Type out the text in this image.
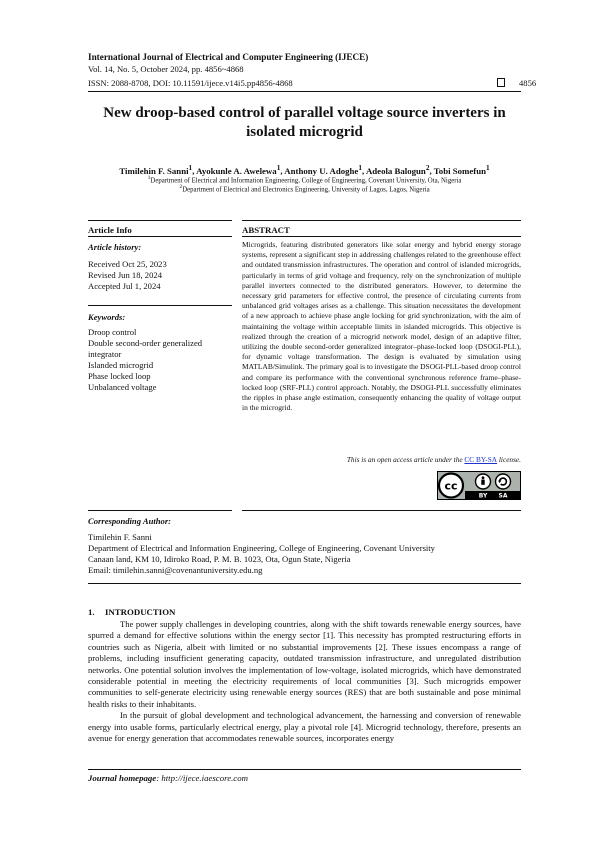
International Journal of Electrical and Computer Engineering (IJECE)
Vol. 14, No. 5, October 2024, pp. 4856~4868
ISSN: 2088-8708, DOI: 10.11591/ijece.v14i5.pp4856-4868	4856
New droop-based control of parallel voltage source inverters in isolated microgrid
Timilehin F. Sanni$^1$, Ayokunle A. Awelewa$^1$, Anthony U. Adoghe$^1$, Adeola Balogun$^2$, Tobi Somefun$^1$
$^1$Department of Electrical and Information Engineering, College of Engineering, Covenant University, Ota, Nigeria
$^2$Department of Electrical and Electronics Engineering, University of Lagos, Lagos, Nigeria
Article Info	ABSTRACT
Article history:
Received Oct 25, 2023
Revised Jun 18, 2024
Accepted Jul 1, 2024
Keywords:
Droop control
Double second-order generalized integrator
Islanded microgrid
Phase locked loop
Unbalanced voltage
Microgrids, featuring distributed generators like solar energy and hybrid energy storage systems, represent a significant step in addressing challenges related to the greenhouse effect and outdated transmission infrastructures. The operation and control of islanded microgrids, particularly in terms of grid voltage and frequency, rely on the synchronization of multiple parallel inverters connected to the distributed generators. However, to determine the necessary grid parameters for effective control, the presence of circulating currents from unbalanced grid voltages arises as a challenge. This situation necessitates the development of a new approach to achieve phase angle locking for grid synchronization, with the aim of maintaining the voltage within acceptable limits in islanded microgrids. This objective is realized through the creation of a microgrid network model, design of an adaptive filter, utilizing the double second-order generalized integrator–phase-locked loop (DSOGI-PLL), for dynamic voltage transformation. The design is evaluated by simulation using MATLAB/Simulink. The primary goal is to investigate the DSOGI-PLL-based droop control and compare its performance with the conventional synchronous reference frame–phase-locked loop (SRF-PLL) control approach. Notably, the DSOGI-PLL successfully eliminates the ripples in phase angle estimation, consequently enhancing the quality of voltage output in the microgrid.
This is an open access article under the CC BY-SA license.
cc
BY SA
Corresponding Author:
Timilehin F. Sanni
Department of Electrical and Information Engineering, College of Engineering, Covenant University
Canaan land, KM 10, Idiroko Road, P. M. B. 1023, Ota, Ogun State, Nigeria
Email: timilehin.sanni@covenantuniversity.edu.ng
1. INTRODUCTION

The power supply challenges in developing countries, along with the shift towards renewable energy sources, have spurred a demand for effective solutions within the energy sector [1]. This necessity has prompted restructuring efforts in countries such as Nigeria, albeit with limited or no substantial improvements [2]. These issues encompass a range of problems, including insufficient generating capacity, outdated transmission infrastructure, and unregulated distribution networks. One potential solution involves the implementation of low-voltage, isolated microgrids, which have demonstrated considerable potential in meeting the electricity requirements of local communities [3]. Such microgrids empower communities to self-generate electricity using renewable energy sources (RES) that are both sustainable and pose minimal health risks to their inhabitants.

In the pursuit of global development and technological advancement, the harnessing and conversion of renewable energy into usable forms, particularly electrical energy, play a pivotal role [4]. Microgrid technology, therefore, presents an avenue for energy generation that accommodates renewable sources, incorporates energy

Journal homepage: http://ijece.iaescore.com
